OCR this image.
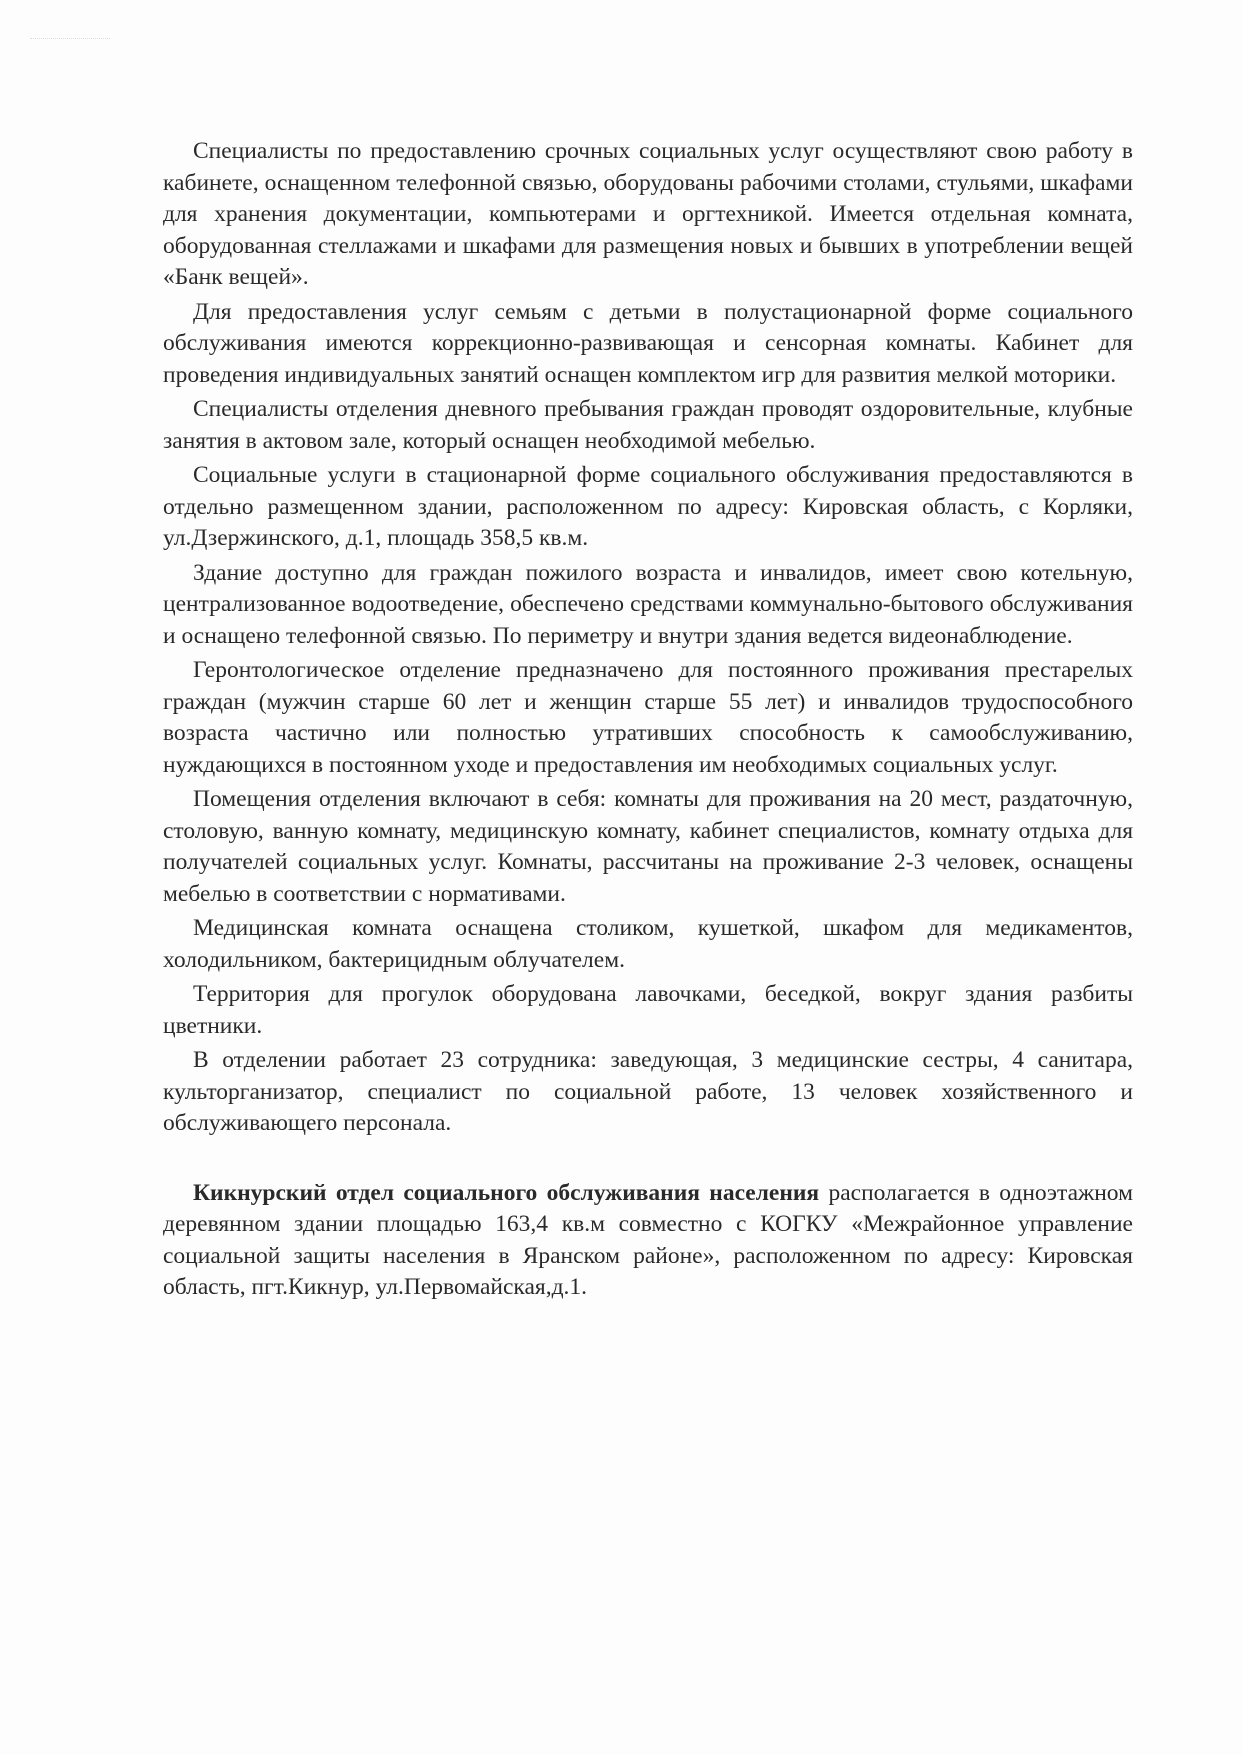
Специалисты по предоставлению срочных социальных услуг осуществляют свою работу в кабинете, оснащенном телефонной связью, оборудованы рабочими столами, стульями, шкафами для хранения документации, компьютерами и оргтехникой. Имеется отдельная комната, оборудованная стеллажами и шкафами для размещения новых и бывших в употреблении вещей «Банк вещей».

Для предоставления услуг семьям с детьми в полустационарной форме социального обслуживания имеются коррекционно-развивающая и сенсорная комнаты. Кабинет для проведения индивидуальных занятий оснащен комплектом игр для развития мелкой моторики.

Специалисты отделения дневного пребывания граждан проводят оздоровительные, клубные занятия в актовом зале, который оснащен необходимой мебелью.

Социальные услуги в стационарной форме социального обслуживания предоставляются в отдельно размещенном здании, расположенном по адресу: Кировская область, с Корляки, ул.Дзержинского, д.1, площадь 358,5 кв.м.

Здание доступно для граждан пожилого возраста и инвалидов, имеет свою котельную, централизованное водоотведение, обеспечено средствами коммунально-бытового обслуживания и оснащено телефонной связью. По периметру и внутри здания ведется видеонаблюдение.

Геронтологическое отделение предназначено для постоянного проживания престарелых граждан (мужчин старше 60 лет и женщин старше 55 лет) и инвалидов трудоспособного возраста частично или полностью утративших способность к самообслуживанию, нуждающихся в постоянном уходе и предоставления им необходимых социальных услуг.

Помещения отделения включают в себя: комнаты для проживания на 20 мест, раздаточную, столовую, ванную комнату, медицинскую комнату, кабинет специалистов, комнату отдыха для получателей социальных услуг. Комнаты, рассчитаны на проживание 2-3 человек, оснащены мебелью в соответствии с нормативами.

Медицинская комната оснащена столиком, кушеткой, шкафом для медикаментов, холодильником, бактерицидным облучателем.

Территория для прогулок оборудована лавочками, беседкой, вокруг здания разбиты цветники.

В отделении работает 23 сотрудника: заведующая, 3 медицинские сестры, 4 санитара, культорганизатор, специалист по социальной работе, 13 человек хозяйственного и обслуживающего персонала.

Кикнурский отдел социального обслуживания населения располагается в одноэтажном деревянном здании площадью 163,4 кв.м совместно с КОГКУ «Межрайонное управление социальной защиты населения в Яранском районе», расположенном по адресу: Кировская область, пгт.Кикнур, ул.Первомайская,д.1.
